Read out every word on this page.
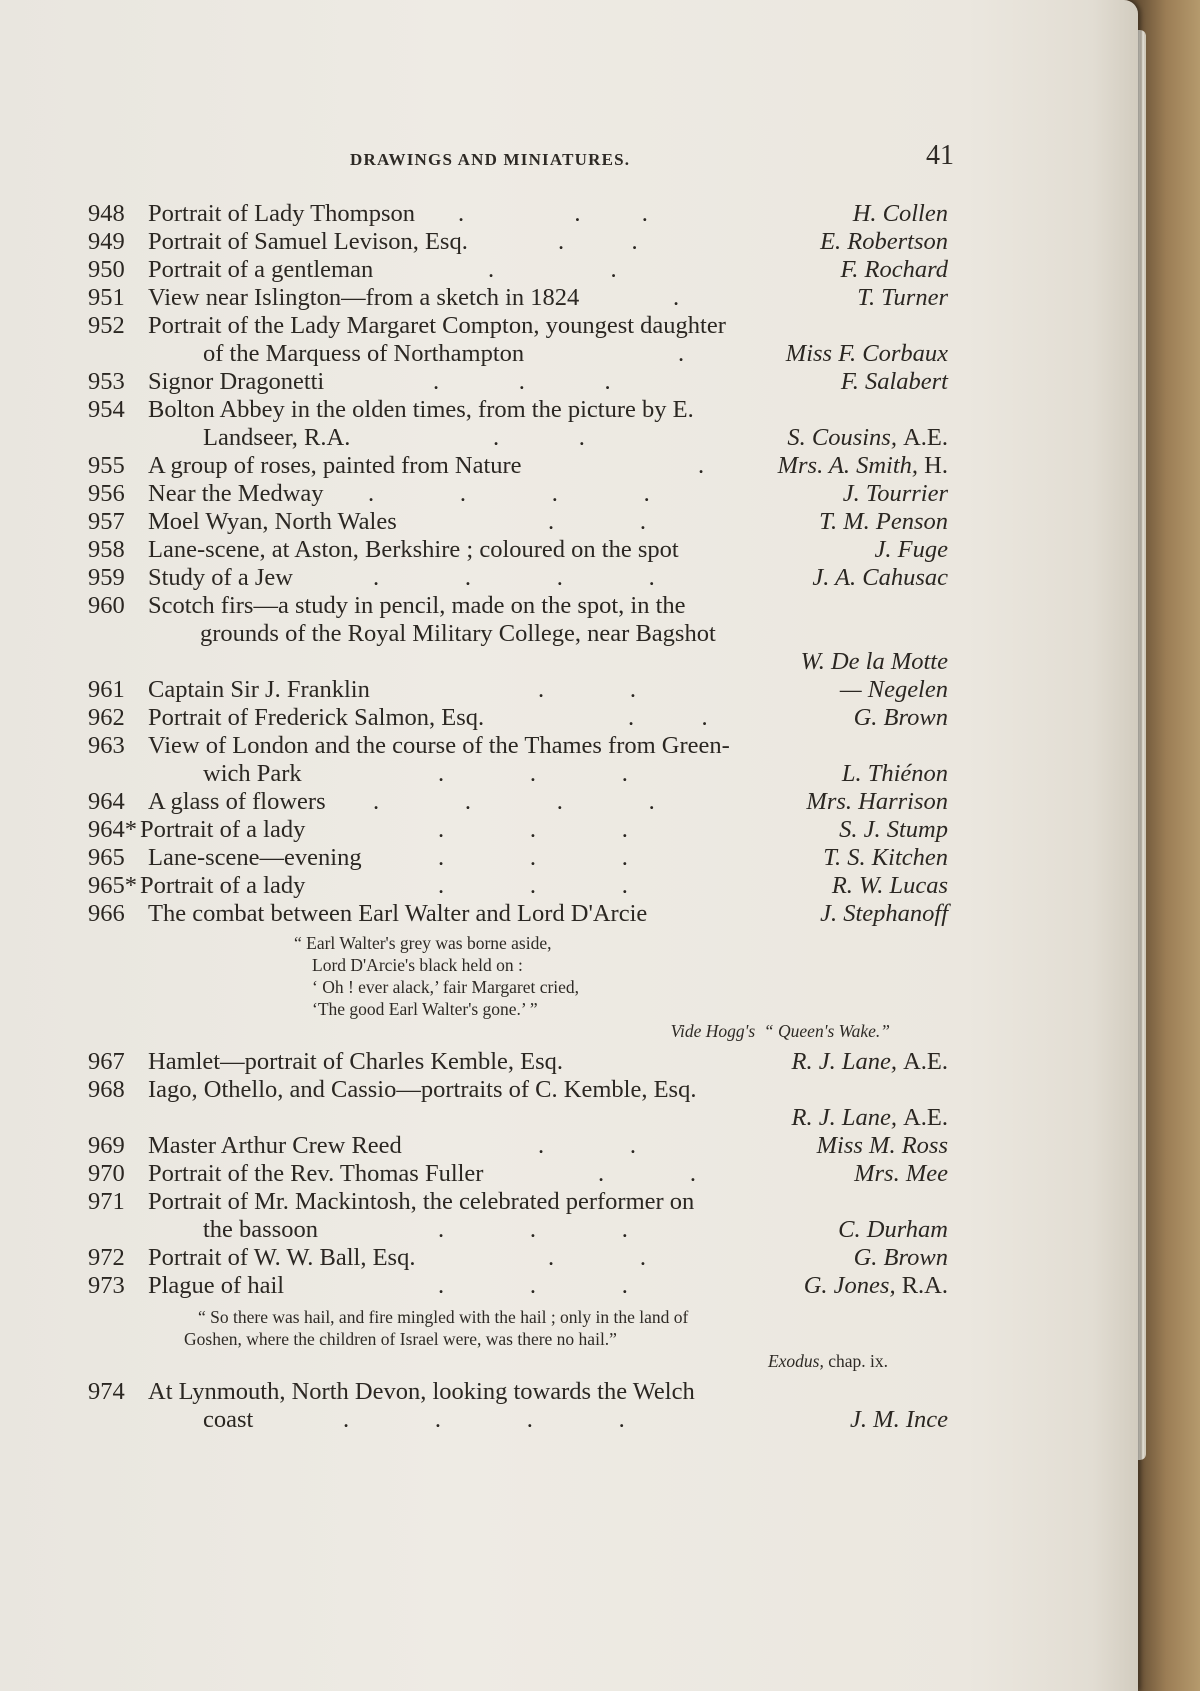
DRAWINGS AND MINIATURES.	41
948 Portrait of Lady Thompson .                  .          .	H. Collen
949 Portrait of Samuel Levison, Esq.	.           .	E. Robertson
950 Portrait of a gentleman	.                   .	F. Rochard
951 View near Islington—from a sketch in 1824	.	T. Turner
952 Portrait of the Lady Margaret Compton, youngest daughter
of the Marquess of Northampton	.	Miss F. Corbaux
953 Signor Dragonetti	.             .             .	F. Salabert
954 Bolton Abbey in the olden times, from the picture by E.
Landseer, R.A.	.             .	S. Cousins, A.E.
955 A group of roses, painted from Nature	.	Mrs. A. Smith, H.
956 Near the Medway .              .              .              .	J. Tourrier
957 Moel Wyan, North Wales	.              .	T. M. Penson
958 Lane-scene, at Aston, Berkshire ; coloured on the spot	J. Fuge
959 Study of a Jew	.              .              .              .	J. A. Cahusac
960 Scotch firs—a study in pencil, made on the spot, in the
grounds of the Royal Military College, near Bagshot
W. De la Motte
961 Captain Sir J. Franklin	.              .	— Negelen
962 Portrait of Frederick Salmon, Esq.	.           .	G. Brown
963 View of London and the course of the Thames from Green-
wich Park	.              .              .	L. Thiénon
964 A glass of flowers .              .              .              .	Mrs. Harrison
964* Portrait of a lady	.              .              .	S. J. Stump
965 Lane-scene—evening	.              .              .	T. S. Kitchen
965* Portrait of a lady	.              .              .	R. W. Lucas
966 The combat between Earl Walter and Lord D'Arcie	J. Stephanoff
“ Earl Walter's grey was borne aside,
Lord D'Arcie's black held on :
‘ Oh ! ever alack,’ fair Margaret cried,
‘The good Earl Walter's gone.’ ”
Vide Hogg's “ Queen's Wake.”
967 Hamlet—portrait of Charles Kemble, Esq.	R. J. Lane, A.E.
968 Iago, Othello, and Cassio—portraits of C. Kemble, Esq.
R. J. Lane, A.E.
969 Master Arthur Crew Reed	.              .	Miss M. Ross
970 Portrait of the Rev. Thomas Fuller	.              .	Mrs. Mee
971 Portrait of Mr. Mackintosh, the celebrated performer on
the bassoon	.              .              .	C. Durham
972 Portrait of W. W. Ball, Esq.	.              .	G. Brown
973 Plague of hail	.              .              .	G. Jones, R.A.
“ So there was hail, and fire mingled with the hail ; only in the land of
Goshen, where the children of Israel were, was there no hail.”
Exodus, chap. ix.
974 At Lynmouth, North Devon, looking towards the Welch
coast	.              .              .              .	J. M. Ince
